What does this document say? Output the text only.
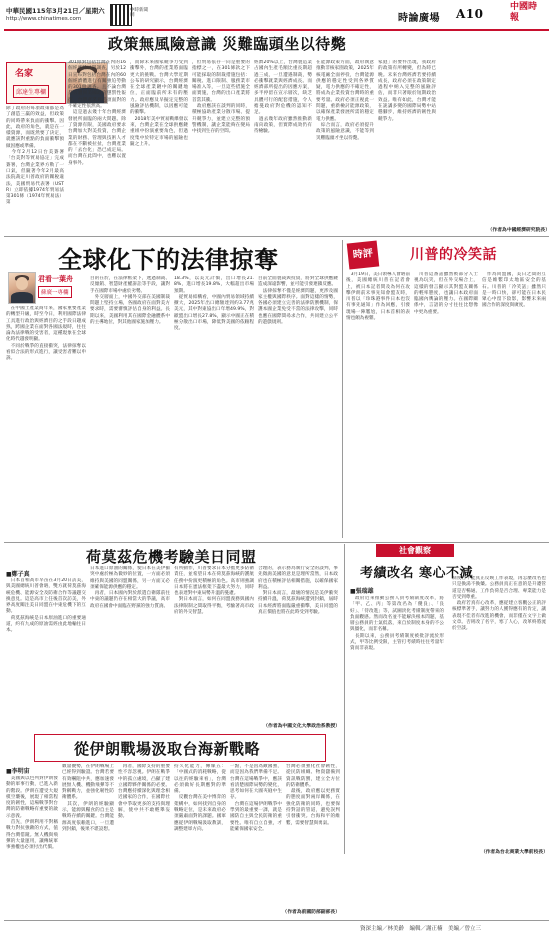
中華民國115年3月21日／星期六
http://www.chinatimes.com
中時新聞網	時論廣場 A10	中國時報
政策無風險意識 災難臨頭坐以待斃
名家
邱達生專欄
除了政府的每項政策都是為了創造三贏的效益，但政策的同時帶來負面的衝擊。因此，政府的角色，就是在一樣資源，而既然要了決定，就應該對重點的負面衝擊預做因應或準備。
　今年2月12日台美簽署「台美對等貿易協定」完成簽署，台灣企業界方勒了一口氣，但隨著今年2月最高法院裁定川普政府的關稅違法，美國貿易代表署（USTR）立即依據1974年貿易法第301條（1974年貿易法）第
301條對包括台灣在內的16個經濟體展開調查，另於12日宣布對包括台灣在內的60個經濟體進行有關強迫勞動的301條調查。且不論台灣是否遭到美國政府懲罰性報復，台灣產業界必須面對的不確定性依然高。
　這是過去幾十年台灣經濟發展所面臨的兩大問題。除了資源有限，美國政府要求台灣加大對美投資，台灣企業的財務、管理與技術人才都在不斷被拉扯，台灣產業的「去台化」恐已成定局。而台灣在此間中，也難以置身事外。
，而除未來國家競爭力受到衝擊外，台灣的產業將面臨更大的挑戰。台灣大學近期公布的研究顯示，台灣經濟在全球產業鏈中的關鍵地位，正面臨前所未有的壓力。政府應及早擬定完整的風險評估機制，以因應可能的衝擊。
　2018年美中貿易戰爆發以來，台灣企業在全球供應鏈重組中扮演重要角色，但過度集中於特定市場的風險也隨之上升。
，但貿易依存一向是重要的指標之一，在301條款之下可能採取的制裁措施包括：關稅、進口限制、服務業市場准入等，一旦這些措施全面實施，台灣的出口產業將首當其衝。
　政府應該在談判的同時，積極協助產業分散市場、提升競爭力，並建立完整的預警機制，讓企業能夠在變局中找到生存的空間。
經濟20%以上，台灣製造業占國內生產毛額比重長期超過三成，一旦遭遇制裁，勢必衝擊就業與經濟成長。而經濟部所提出的因應方案，多半停留在宣示層次，缺乏具體可行的配套措施，令人擔憂政府對危機的認知不足。
　過去幾年政府雖然推動新南向政策，但實際成效仍有待檢驗。
在能源政策方面，政府執意推動非核家園政策，2025年核電廠全面停役，台灣能源供應的穩定性受到各界質疑，電力供應的不確定性，將成為企業投資台灣時的重要考量。政府必須正視此一問題，重新檢討能源政策，以確保產業發展所需的穩定電力供應。
　綜合而言，政府必須提升政策的風險意識，不能等到災難臨頭才坐以待斃。
家庭」的要件出現，我政府的政策有所轉變，但為時已晚。未來台灣經濟若要持續成長，政府必須在政策制定過程中納入完整的風險評估，而非只著眼於短期政治效益。唯有如此，台灣才能在詭譎多變的國際局勢中站穩腳步，維持經濟的韌性與競爭力。
（作者為中國經濟研究院長）
全球化下的法律掠奪
君看一葉舟
蘇廣一專欄
　在中國土產業商年來，國家重要產業的轉型升級，時至今日，利用國際法律工具進行政治與經濟目的之手段日趨成熟，跨國企業在面對各國法規時，往往淪為法律戰的受害者，這種現象在全球化時代越發明顯。
　不同於戰爭的直接衝突，法律掠奪以看似合法的形式進行，讓受害者難以申訴。
目的在於，在法律框架下，透過制裁、反傾銷、智慧財產權訴訟等手段，讓對手在國際市場中處於劣勢。
　外交層面上，中國外交部在美國制裁問題上堅持立場，各國政府在面對美方要求時，需要審慎評估自身的利益。長期以來，美國利用其在國際金融體系中的主導地位，對其他國家施加壓力。
18.3%，以美元計價，出口增長21.8%，進口增長19.8%，大幅超出市場預期。
　從貿易結構看，中國內貿易領域持續擴大，2025年出口總額達到約3.77兆美元，其中對東協出口年增49.9%，對歐盟出口增長27.8%，顯示中國正在積極分散出口市場，降低對美國的依賴程度。
目前全面製裁與投資，將對全球供應鏈造成深遠影響，並可能引發連鎖反應。
　法律掠奪不僅是經濟問題，更涉及國家主權與國際秩序。面對這樣的情勢，各國必須建立完善的法律防禦機制，保護本國企業免受不當的法律攻擊，同時也應在國際間尋求合作，共同建立公平的遊戲規則。
時評	川普的冷笑話
　3月19日，美日領導人會晤前後，美國總統川普在記者會上，被日本記者問及為何在攻擊伊朗前未事先知會盟友時，川普以「珍珠港事件日本也沒有事先通知」作為回應，引發現場一陣尷尬，日本首相的表情也頗為複雜。
　川普這番話雖然被部分人士視為玩笑，但在外交場合上，這樣的發言顯示其對盟友關係的輕率態度，也讓日本政府面臨國內輿論的壓力。在國際關係中，言語的分寸往往比想像中更為重要。
　作為同盟國，美日之間的互信是維繫印太地區安全的基石。川普的「冷笑話」雖然只是一時口快，卻可能在日本民眾心中留下陰影，影響未來兩國合作的深度與廣度。
荷莫茲危機考驗美日同盟
■鄭子真
　日本首相高市早苗在3月20日訪美，與美國總統川普會晤，雙方就荷莫茲海峽危機、能源安全及防衛合作等議題交換意見。這是高市上任後首次訪美，外界高度關注美日同盟在中東危機下的互動。
　荷莫茲海峽是日本原油進口的重要通道，約有九成的原油需經由此地輸往日本。
日本進口原油的關係，使日本在美伊衝突中處於極為微妙的位置，一方面必須維持與美國的同盟關係，另一方面又必須確保能源供應的穩定。
　再者，日本國內對於派遣自衛隊前往中東的議題仍存在相當大的爭議，高市政府在國會中面臨在野黨的強力質詢。
有所動作，川普要求日本分擔更多防衛責任，並希望日本在荷莫茲海峽的護航任務中扮演更積極的角色。高市則強調日本將在憲法框架下盡最大努力，同時也表達對中東局勢升溫的憂慮。
　對日本而言，如何在同盟義務與國內法律限制之間取得平衡，考驗著高市政府的外交智慧。
合理的，表示務為執行安全的談判，事先徵詢美國的意見是理所當然，日本政府也在積極評估相關措施，以確保國家利益。
　對日本而言，最壞的情況是美伊衝突持續升溫，荷莫茲海峽遭到封鎖，屆時日本經濟將面臨嚴重衝擊，美日同盟的真正價值也將在此時受到考驗。
（作者為中國文化大學政治系教授）
社會觀察
考績改名 寒心不減
■張瑞雄
　政府近來推動公務人員考績制度改革，將「甲、乙、丙」等第改名為「優良」、「良好」、「待改進」等，試圖淡化考績制度帶來的負面觀感。然而改名並不能解決根本問題，基層公務員的士氣低落，來自於制度本身的不公與僵化，而非名稱。
　長期以來，公務員考績制度被批評流於形式，甲等比例受限，主管打考績時往往考量年資而非表現。
制度若不能真正反映工作表現，再怎麼改名也只是換湯不換藥。公務員真正在意的是升遷管道是否暢通、工作負荷是否合理、專業能力是否受到尊重。
　政府若真有心改革，應從建立客觀公正的評核標準著手，讓努力的人獲得應有的肯定，讓表現不佳者有改進的機會，而非僅在文字上做文章。否則改了名字，寒了人心，改革終將流於空談。
（作者為台北商業大學前校長）
從伊朗戰場汲取台海新戰略
■李明宙
　美國與以色列對伊朗發動的軍事行動，已進入新的階段。伊朗在遭受大規模空襲後，展現了相當程度的韌性，這場戰爭對台灣的防衛戰略有重要的啟示意義。
　首先，伊朗利用不對稱戰力對抗強敵的方式，值得台灣借鏡。無人機與飛彈的大量運用，讓傳統軍事強權也必須付出代價。
數量優勢，在伊朗戰場上已經得到驗證。台灣若要有效嚇阻中共，應加速發展無人機、機動飛彈等不對稱戰力，並強化韌性防衛體系。
　其次，伊朗的經驗顯示，能源與糧食的自主是戰時存續的關鍵。台灣能源高度依賴進口，一旦遭到封鎖，後果不堪設想。
　再者，國際支持的重要性不容忽視。伊朗在戰爭中的孤立處境，凸顯了建立國際夥伴關係的必要。台灣應持續深化與理念相近國家的合作，在國際社會中爭取更多的支持與理解，使中共不敢輕舉妄動。
持久化能力，傳媒五：「中國式的消耗戰略，從以往的經驗來看」，台灣必須做好長期應對的準備。
　反觀台灣在美中博弈的架構中，如何找到自身的戰略定位，是未來政府必須嚴肅面對的課題。國軍應從伊朗戰場汲取教訓，調整建軍方向。
一點，不是因為敵國強，而是因為我們準備不足。台灣在這場戰爭中，應該看清楚國際局勢的變化，思考如何在大國夾縫中生存。
　台灣在這場伊朗戰爭中學到的最重要一課，就是國防自主與全民防衛的重要性。唯有自立自強，才能確保國家安全。
台灣必須強化社會韌性，從民防組織、物資儲備到資訊戰防禦，建立全方位的防衛體系。
　最後，政府應以更務實的態度面對兩岸關係，在強化防衛的同時，也要保持對話的管道，避免誤判引發衝突。台海和平的維繫，需要智慧與勇氣。
（作者為前國防部副部長）
資深主編／林美齡　編輯／謝正楠　美編／曾立三
